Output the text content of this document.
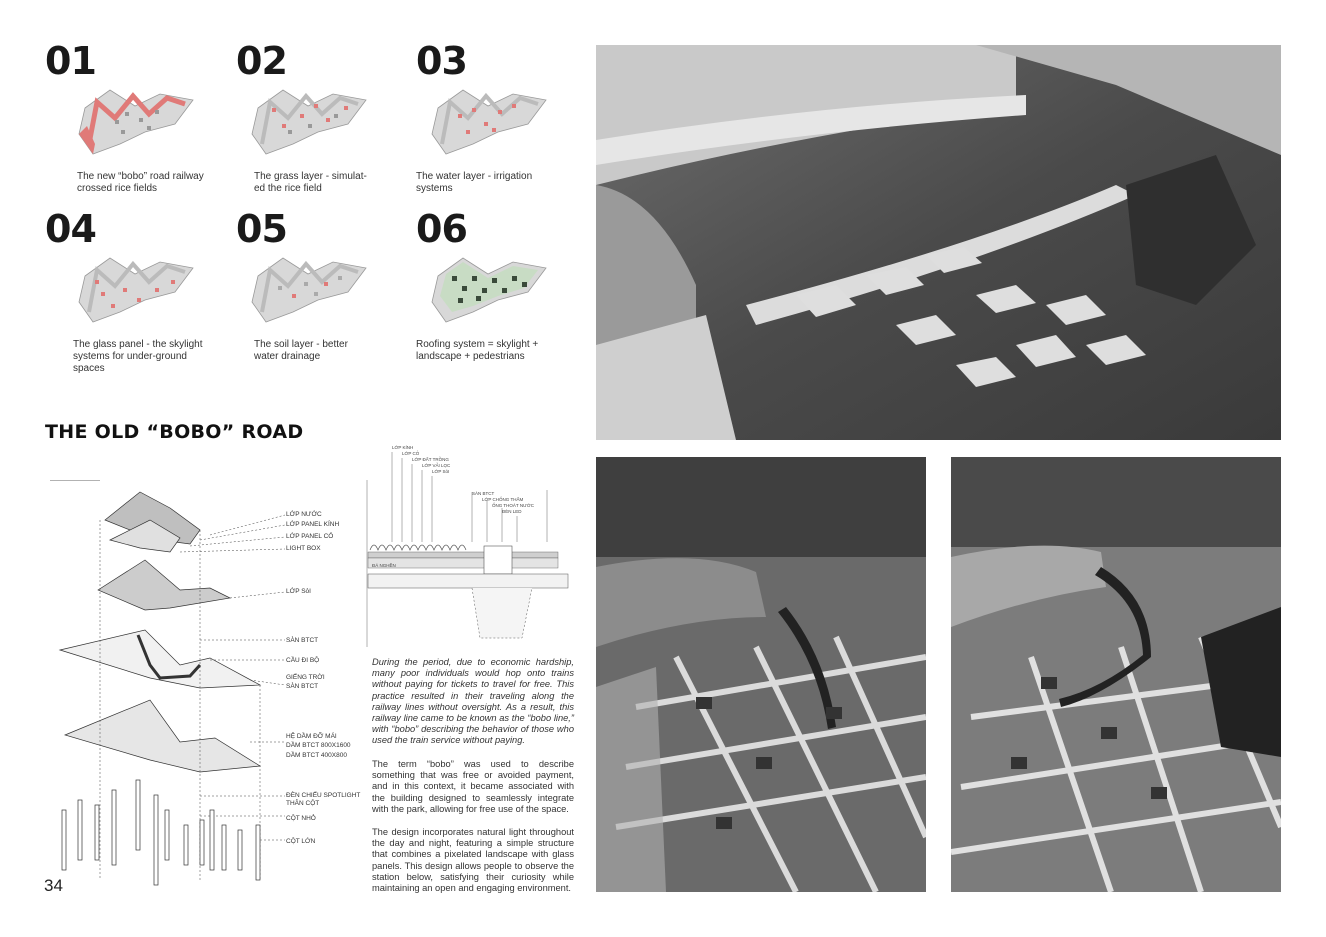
01
The new “bobo” road railway crossed rice fields
02
The grass layer - simulat-ed the rice field
03
The water layer - irrigation systems
04
The glass panel - the skylight systems for under-ground spaces
05
The soil layer - better water drainage
06
Roofing system = skylight + landscape + pedestrians
THE OLD “BOBO” ROAD
LỚP NƯỚC
LỚP PANEL KÍNH
LỚP PANEL CỎ
LIGHT BOX
LỚP SỏI
SÀN BTCT
CẦU ĐI BỘ
GIẾNG TRỜI
SÀN BTCT
HỆ DẦM ĐỠ MÁI
DẦM BTCT 800X1600
DẦM BTCT 400X800
ĐÈN CHIẾU SPOTLIGHT
THÂN CỘT
CỘT NHỎ
CỘT LỚN
LỚP KÍNH
LỚP CỎ
LỚP ĐẤT TRỒNG
LỚP VẢI LỌC
LỚP SỏI
SÀN BTCT
LỚP CHỐNG THẤM
ỐNG THOÁT NƯỚC
ĐÈN LED
ĐÁ NGHỀN
During the period, due to economic hardship, many poor individuals would hop onto trains without paying for tickets to travel for free. This practice resulted in their traveling along the railway lines without oversight. As a result, this railway line came to be known as the “bobo line,” with “bobo” describing the behavior of those who used the train service without paying.
The term “bobo” was used to describe something that was free or avoided payment, and in this context, it became associated with the building designed to seamlessly integrate with the park, allowing for free use of the space.
The design incorporates natural light throughout the day and night, featuring a simple structure that combines a pixelated landscape with glass panels. This design allows people to observe the station below, satisfying their curiosity while maintaining an open and engaging environment.
34
